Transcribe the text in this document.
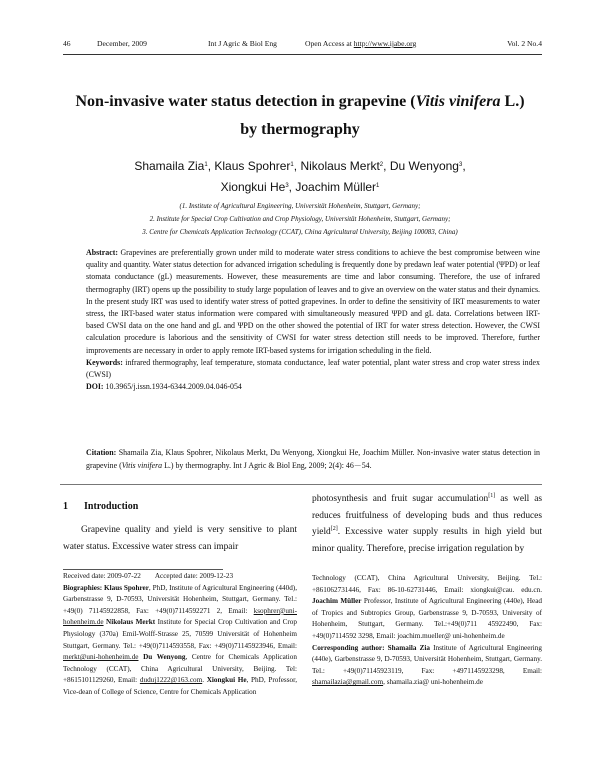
46	December, 2009	Int J Agric & Biol Eng	Open Access at http://www.ijabe.org	Vol. 2 No.4
Non-invasive water status detection in grapevine (Vitis vinifera L.)
by thermography
Shamaila Zia$^1$, Klaus Spohrer$^1$, Nikolaus Merkt$^2$, Du Wenyong$^3$,
Xiongkui He$^3$, Joachim Müller$^1$
(1. Institute of Agricultural Engineering, Universität Hohenheim, Stuttgart, Germany;
2. Institute for Special Crop Cultivation and Crop Physiology, Universität Hohenheim, Stuttgart, Germany;
3. Centre for Chemicals Application Technology (CCAT), China Agricultural University, Beijing 100083, China)

Abstract: Grapevines are preferentially grown under mild to moderate water stress conditions to achieve the best compromise between wine quality and quantity. Water status detection for advanced irrigation scheduling is frequently done by predawn leaf water potential (ΨPD) or leaf stomata conductance (gL) measurements. However, these measurements are time and labor consuming. Therefore, the use of infrared thermography (IRT) opens up the possibility to study large population of leaves and to give an overview on the water status and their dynamics. In the present study IRT was used to identify water stress of potted grapevines. In order to define the sensitivity of IRT measurements to water stress, the IRT-based water status information were compared with simultaneously measured ΨPD and gL data. Correlations between IRT-based CWSI data on the one hand and gL and ΨPD on the other showed the potential of IRT for water stress detection. However, the CWSI calculation procedure is laborious and the sensitivity of CWSI for water stress detection still needs to be improved. Therefore, further improvements are necessary in order to apply remote IRT-based systems for irrigation scheduling in the field.

Keywords: infrared thermography, leaf temperature, stomata conductance, leaf water potential, plant water stress and crop water stress index (CWSI)

DOI: 10.3965/j.issn.1934-6344.2009.04.046-054

Citation: Shamaila Zia, Klaus Spohrer, Nikolaus Merkt, Du Wenyong, Xiongkui He, Joachim Müller. Non-invasive water status detection in grapevine (Vitis vinifera L.) by thermography. Int J Agric & Biol Eng, 2009; 2(4): 46－54.
1 Introduction

Grapevine quality and yield is very sensitive to plant water status. Excessive water stress can impair

photosynthesis and fruit sugar accumulation[1] as well as reduces fruitfulness of developing buds and thus reduces yield[2]. Excessive water supply results in high yield but minor quality. Therefore, precise irrigation regulation by

Received date: 2009-07-22 Accepted date: 2009-12-23

Biographies: Klaus Spohrer, PhD, Institute of Agricultural Engineering (440d), Garbenstrasse 9, D-70593, Universität Hohenheim, Stuttgart, Germany. Tel.: +49(0) 71145922858, Fax: +49(0)7114592271 2, Email: ksophrer@uni-hohenheim.de Nikolaus Merkt Institute for Special Crop Cultivation and Crop Physiology (370a) Emil-Wolff-Strasse 25, 70599 Universität of Hohenheim Stuttgart, Germany. Tel.: +49(0)7114593558, Fax: +49(0)71145923946, Email: merkt@uni-hohenheim.de Du Wenyong, Centre for Chemicals Application Technology (CCAT), China Agricultural University, Beijing. Tel: +8615101129260, Email: duduj1222@163.com. Xiongkui He, PhD, Professor, Vice-dean of College of Science, Centre for Chemicals Application

Technology (CCAT), China Agricultural University, Beijing. Tel.: +861062731446, Fax: 86-10-62731446, Email: xiongkui@cau. edu.cn. Joachim Müller Professor, Institute of Agricultural Engineering (440e), Head of Tropics and Subtropics Group, Garbenstrasse 9, D-70593, University of Hohenheim, Stuttgart, Germany. Tel.:+49(0)711 45922490, Fax: +49(0)7114592 3298, Email: joachim.mueller@ uni-hohenheim.de

Corresponding author: Shamaila Zia Institute of Agricultural Engineering (440e), Garbenstrasse 9, D-70593, Universität Hohenheim, Stuttgart, Germany. Tel.: +49(0)71145923119, Fax: +4971145923298, Email: shamailazia@gmail.com, shamaila.zia@ uni-hohenheim.de
